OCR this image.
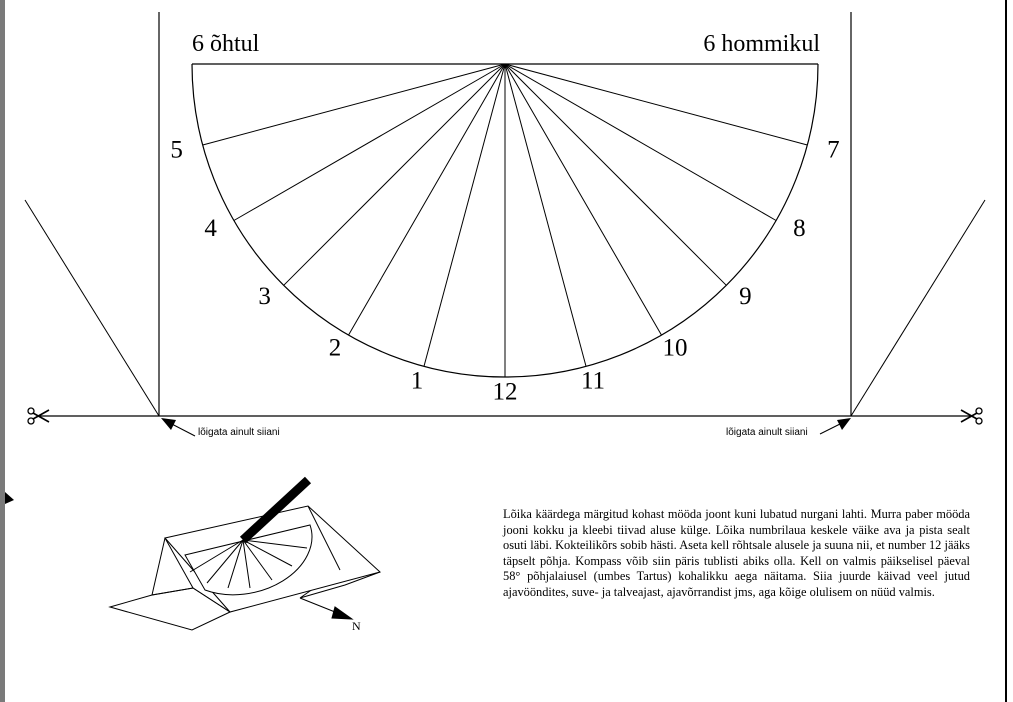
lõigata ainult siiani	lõigata ainult siiani
5
4
3
2
1	12	11
10
9
8
7
6 õhtul	6 hommikul
N

Lõika käärdega märgitud kohast mööda joont kuni lubatud nurgani lahti. Murra paber mööda jooni kokku ja kleebi tiivad aluse külge. Lõika numbrilaua keskele väike ava ja pista sealt osuti läbi. Kokteilikõrs sobib hästi. Aseta kell rõhtsale alusele ja suuna nii, et number 12 jääks täpselt põhja. Kompass võib siin päris tublisti abiks olla. Kell on valmis päikselisel päeval 58° põhjalaiusel (umbes Tartus) kohalikku aega näitama. Siia juurde käivad veel jutud ajavööndites, suve- ja talveajast, ajavõrrandist jms, aga kõige olulisem on nüüd valmis.
